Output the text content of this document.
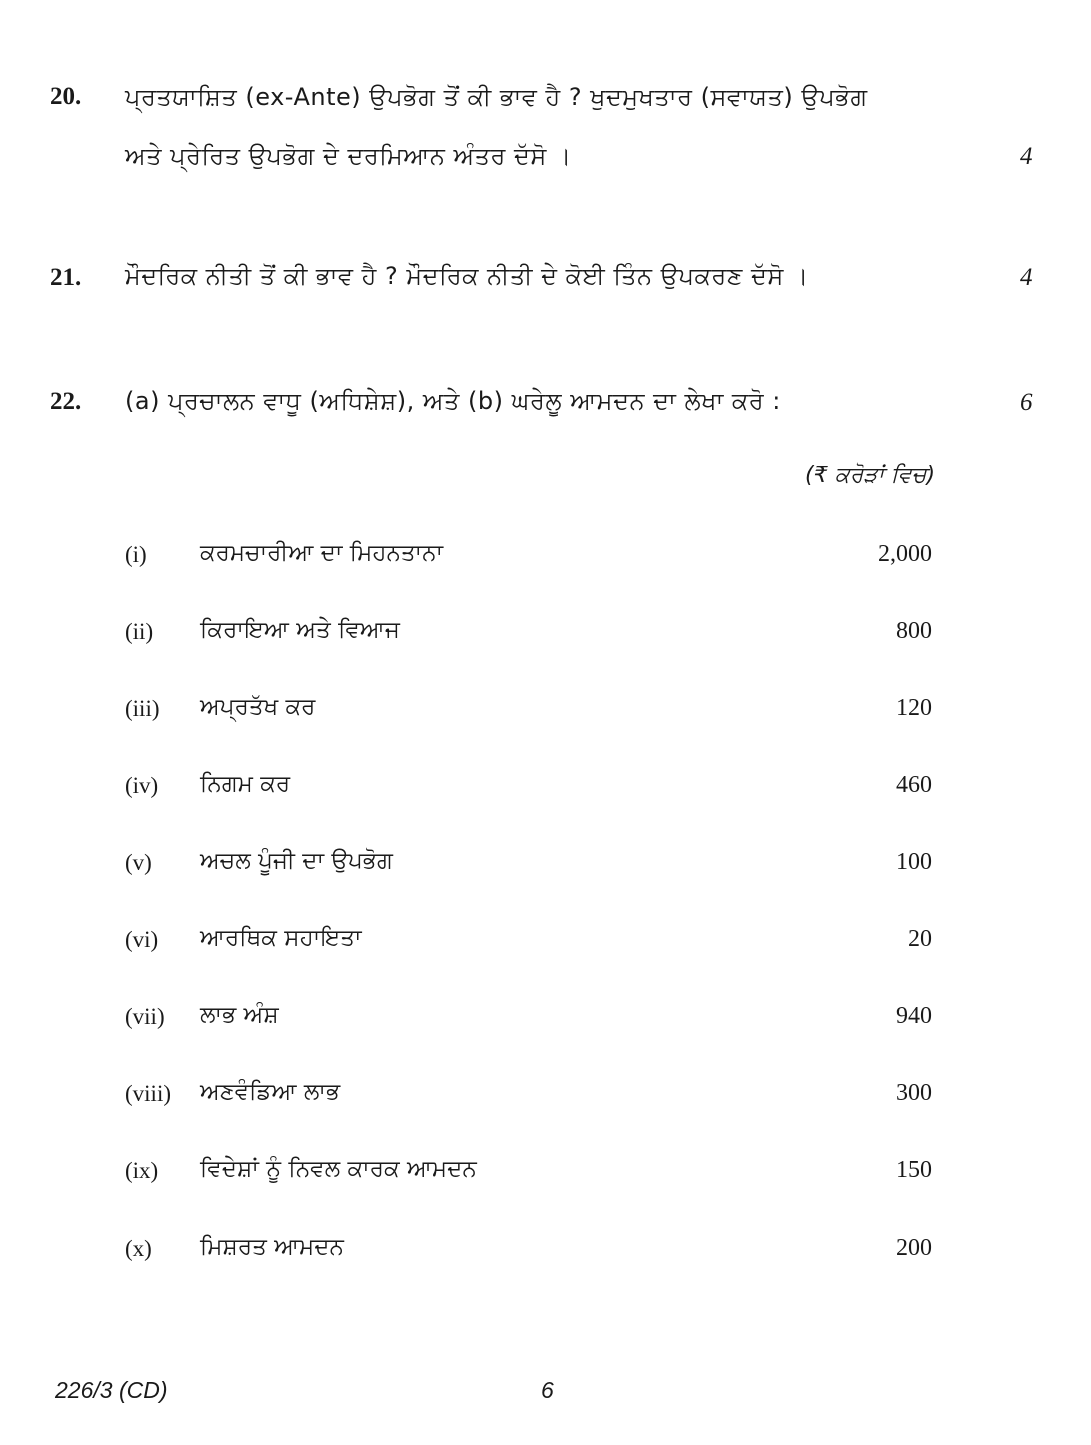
20. ਪ੍ਰਤਯਾਸ਼ਿਤ (ex-Ante) ਉਪਭੋਗ ਤੋਂ ਕੀ ਭਾਵ ਹੈ ? ਖੁਦਮੁਖਤਾਰ (ਸਵਾਯਤ) ਉਪਭੋਗ
ਅਤੇ ਪ੍ਰੇਰਿਤ ਉਪਭੋਗ ਦੇ ਦਰਮਿਆਨ ਅੰਤਰ ਦੱਸੋ ।	4
21. ਮੌਦਰਿਕ ਨੀਤੀ ਤੋਂ ਕੀ ਭਾਵ ਹੈ ? ਮੌਦਰਿਕ ਨੀਤੀ ਦੇ ਕੋਈ ਤਿੰਨ ਉਪਕਰਣ ਦੱਸੋ ।	4
22. (a) ਪ੍ਰਚਾਲਨ ਵਾਧੂ (ਅਧਿਸ਼ੇਸ਼), ਅਤੇ (b) ਘਰੇਲੂ ਆਮਦਨ ਦਾ ਲੇਖਾ ਕਰੋ :	6
(₹ ਕਰੋੜਾਂ ਵਿਚ)
(i) ਕਰਮਚਾਰੀਆ ਦਾ ਮਿਹਨਤਾਨਾ	2,000
(ii) ਕਿਰਾਇਆ ਅਤੇ ਵਿਆਜ	800
(iii) ਅਪ੍ਰਤੱਖ ਕਰ	120
(iv) ਨਿਗਮ ਕਰ	460
(v) ਅਚਲ ਪੂੰਜੀ ਦਾ ਉਪਭੋਗ	100
(vi) ਆਰਥਿਕ ਸਹਾਇਤਾ	20
(vii) ਲਾਭ ਅੰਸ਼	940
(viii) ਅਣਵੰਡਿਆ ਲਾਭ	300
(ix) ਵਿਦੇਸ਼ਾਂ ਨੂੰ ਨਿਵਲ ਕਾਰਕ ਆਮਦਨ	150
(x) ਮਿਸ਼ਰਤ ਆਮਦਨ	200
226/3 (CD)	6
